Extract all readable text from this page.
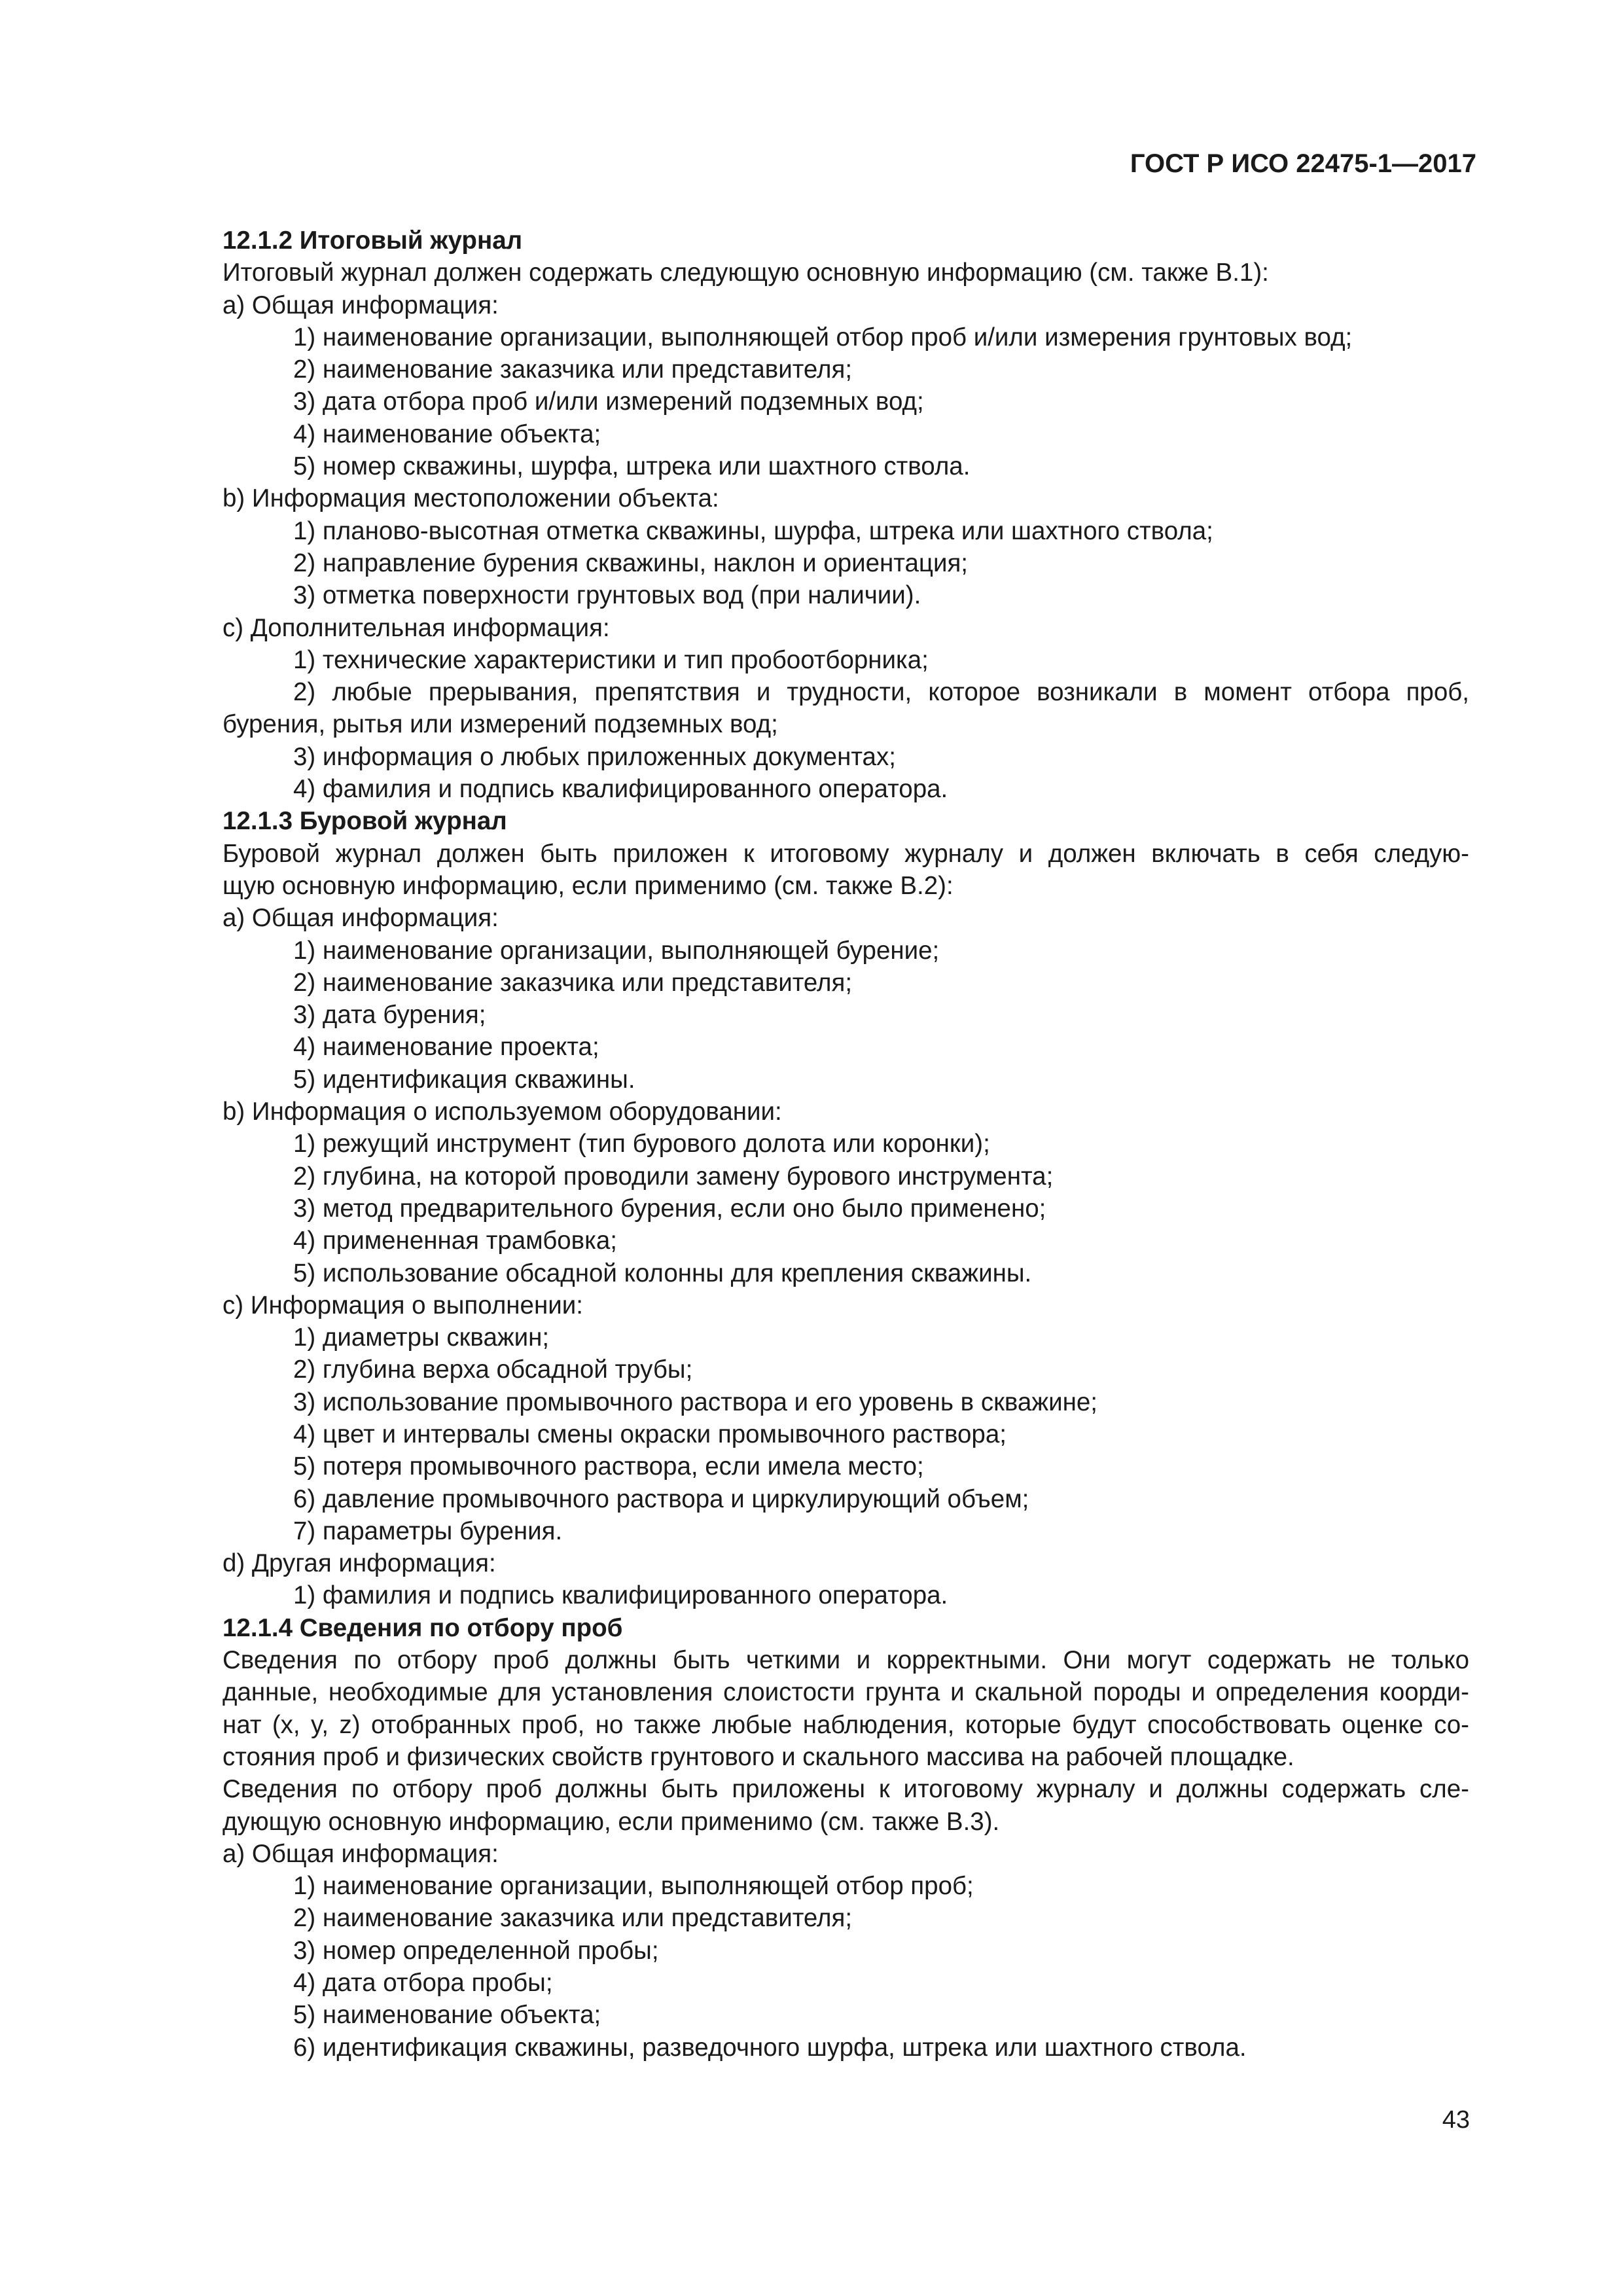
ГОСТ Р ИСО 22475-1—2017
12.1.2 Итоговый журнал
Итоговый журнал должен содержать следующую основную информацию (см. также В.1):
а) Общая информация:
1) наименование организации, выполняющей отбор проб и/или измерения грунтовых вод;
2) наименование заказчика или представителя;
3) дата отбора проб и/или измерений подземных вод;
4) наименование объекта;
5) номер скважины, шурфа, штрека или шахтного ствола.
b) Информация местоположении объекта:
1) планово-высотная отметка скважины, шурфа, штрека или шахтного ствола;
2) направление бурения скважины, наклон и ориентация;
3) отметка поверхности грунтовых вод (при наличии).
с) Дополнительная информация:
1) технические характеристики и тип пробоотборника;
2) любые прерывания, препятствия и трудности, которое возникали в момент отбора проб,
бурения, рытья или измерений подземных вод;
3) информация о любых приложенных документах;
4) фамилия и подпись квалифицированного оператора.
12.1.3 Буровой журнал
Буровой журнал должен быть приложен к итоговому журналу и должен включать в себя следую-
щую основную информацию, если применимо (см. также В.2):
а) Общая информация:
1) наименование организации, выполняющей бурение;
2) наименование заказчика или представителя;
3) дата бурения;
4) наименование проекта;
5) идентификация скважины.
b) Информация о используемом оборудовании:
1) режущий инструмент (тип бурового долота или коронки);
2) глубина, на которой проводили замену бурового инструмента;
3) метод предварительного бурения, если оно было применено;
4) примененная трамбовка;
5) использование обсадной колонны для крепления скважины.
с) Информация о выполнении:
1) диаметры скважин;
2) глубина верха обсадной трубы;
3) использование промывочного раствора и его уровень в скважине;
4) цвет и интервалы смены окраски промывочного раствора;
5) потеря промывочного раствора, если имела место;
6) давление промывочного раствора и циркулирующий объем;
7) параметры бурения.
d) Другая информация:
1) фамилия и подпись квалифицированного оператора.
12.1.4 Сведения по отбору проб
Сведения по отбору проб должны быть четкими и корректными. Они могут содержать не только
данные, необходимые для установления слоистости грунта и скальной породы и определения коорди-
нат (x, y, z) отобранных проб, но также любые наблюдения, которые будут способствовать оценке со-
стояния проб и физических свойств грунтового и скального массива на рабочей площадке.
Сведения по отбору проб должны быть приложены к итоговому журналу и должны содержать сле-
дующую основную информацию, если применимо (см. также В.3).
а) Общая информация:
1) наименование организации, выполняющей отбор проб;
2) наименование заказчика или представителя;
3) номер определенной пробы;
4) дата отбора пробы;
5) наименование объекта;
6) идентификация скважины, разведочного шурфа, штрека или шахтного ствола.
43
